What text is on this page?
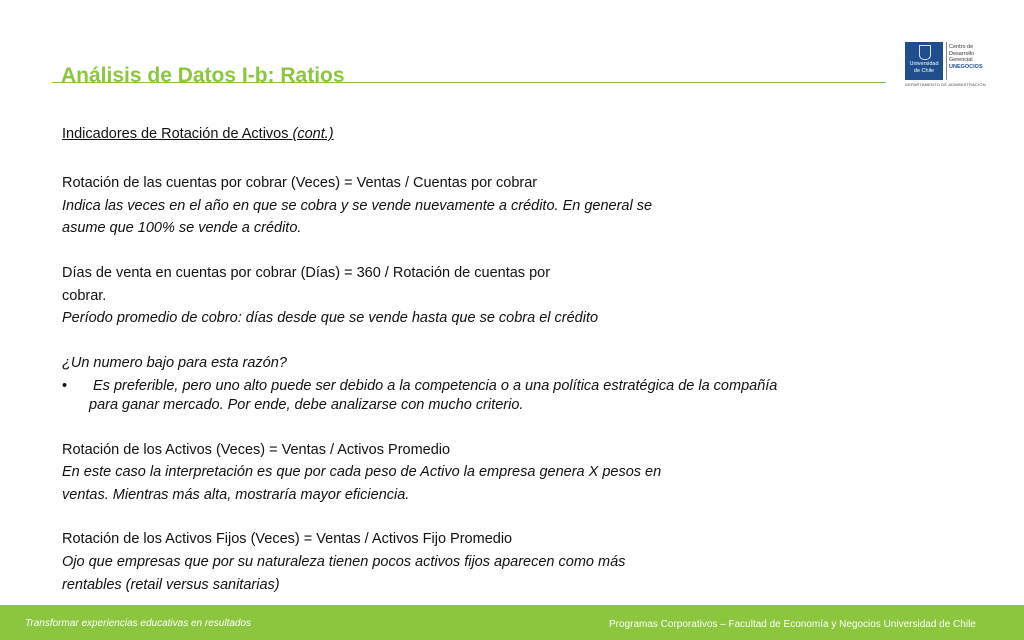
Análisis de Datos I-b: Ratios	Universidad
de Chile
Centro de
Desarrollo
Gerencial
UNEGOCIOS
DEPARTAMENTO DE ADMINISTRACIÓN

Indicadores de Rotación de Activos (cont.)

Rotación de las cuentas por cobrar (Veces) = Ventas / Cuentas por cobrar

Indica las veces en el año en que se cobra y se vende nuevamente a crédito. En general se

asume que 100% se vende a crédito.

Días de venta en cuentas por cobrar (Días) = 360 / Rotación de cuentas por

cobrar.

Período promedio de cobro: días desde que se vende hasta que se cobra el crédito

¿Un numero bajo para esta razón?

• Es preferible, pero uno alto puede ser debido a la competencia o a una política estratégica de la compañía

para ganar mercado. Por ende, debe analizarse con mucho criterio.

Rotación de los Activos (Veces) = Ventas / Activos Promedio

En este caso la interpretación es que por cada peso de Activo la empresa genera X pesos en

ventas. Mientras más alta, mostraría mayor eficiencia.

Rotación de los Activos Fijos (Veces) = Ventas / Activos Fijo Promedio

Ojo que empresas que por su naturaleza tienen pocos activos fijos aparecen como más

rentables (retail versus sanitarias)

Transformar experiencias educativas en resultados	Programas Corporativos – Facultad de Economía y Negocios Universidad de Chile
